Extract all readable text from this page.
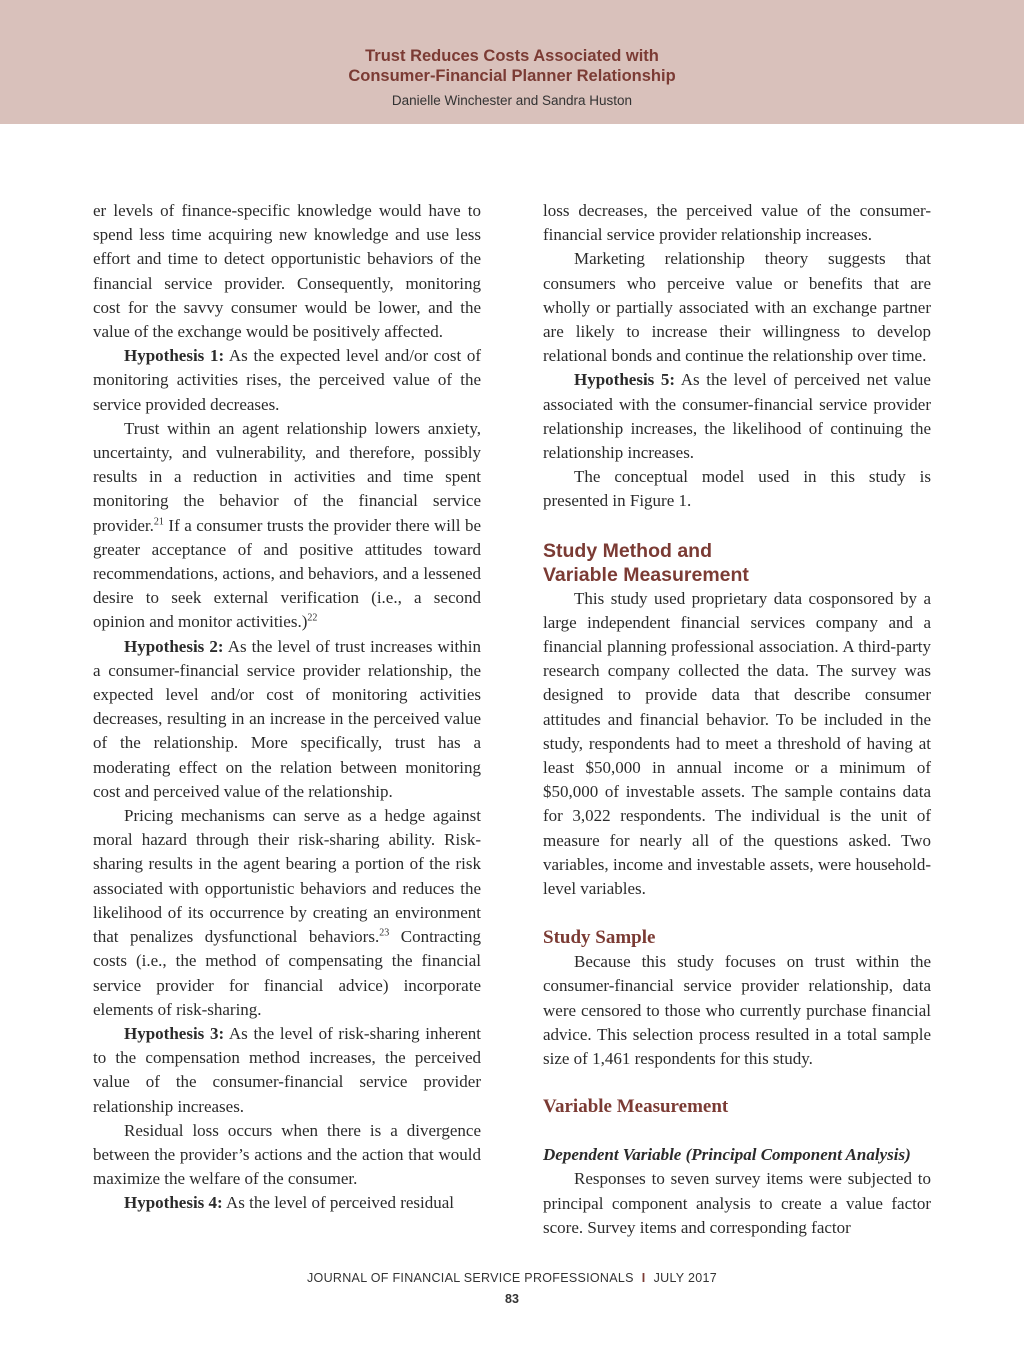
Trust Reduces Costs Associated with
Consumer-Financial Planner Relationship
Danielle Winchester and Sandra Huston

er levels of finance-specific knowledge would have to spend less time acquiring new knowledge and use less effort and time to detect opportunistic behaviors of the financial service provider. Consequently, monitoring cost for the savvy consumer would be lower, and the value of the exchange would be positively affected.

Hypothesis 1: As the expected level and/or cost of monitoring activities rises, the perceived value of the service provided decreases.

Trust within an agent relationship lowers anxiety, uncertainty, and vulnerability, and therefore, possibly results in a reduction in activities and time spent monitoring the behavior of the financial service provider.$^{21}$ If a consumer trusts the provider there will be greater acceptance of and positive attitudes toward recommendations, actions, and behaviors, and a lessened desire to seek external verification (i.e., a second opinion and monitor activities.)$^{22}$

Hypothesis 2: As the level of trust increases within a consumer-financial service provider relationship, the expected level and/or cost of monitoring activities decreases, resulting in an increase in the perceived value of the relationship. More specifically, trust has a moderating effect on the relation between monitoring cost and perceived value of the relationship.

Pricing mechanisms can serve as a hedge against moral hazard through their risk-sharing ability. Risk-sharing results in the agent bearing a portion of the risk associated with opportunistic behaviors and reduces the likelihood of its occurrence by creating an environment that penalizes dysfunctional behaviors.$^{23}$ Contracting costs (i.e., the method of compensating the financial service provider for financial advice) incorporate elements of risk-sharing.

Hypothesis 3: As the level of risk-sharing inherent to the compensation method increases, the perceived value of the consumer-financial service provider relationship increases.

Residual loss occurs when there is a divergence between the provider’s actions and the action that would maximize the welfare of the consumer.

Hypothesis 4: As the level of perceived residual

loss decreases, the perceived value of the consumer-financial service provider relationship increases.

Marketing relationship theory suggests that consumers who perceive value or benefits that are wholly or partially associated with an exchange partner are likely to increase their willingness to develop relational bonds and continue the relationship over time.

Hypothesis 5: As the level of perceived net value associated with the consumer-financial service provider relationship increases, the likelihood of continuing the relationship increases.

The conceptual model used in this study is presented in Figure 1.

Study Method and
Variable Measurement

This study used proprietary data cosponsored by a large independent financial services company and a financial planning professional association. A third-party research company collected the data. The survey was designed to provide data that describe consumer attitudes and financial behavior. To be included in the study, respondents had to meet a threshold of having at least $50,000 in annual income or a minimum of $50,000 of investable assets. The sample contains data for 3,022 respondents. The individual is the unit of measure for nearly all of the questions asked. Two variables, income and investable assets, were household-level variables.

Study Sample

Because this study focuses on trust within the consumer-financial service provider relationship, data were censored to those who currently purchase financial advice. This selection process resulted in a total sample size of 1,461 respondents for this study.

Variable Measurement
Dependent Variable (Principal Component Analysis)

Responses to seven survey items were subjected to principal component analysis to create a value factor score. Survey items and corresponding factor

JOURNAL OF FINANCIAL SERVICE PROFESSIONALS I JULY 2017
83
